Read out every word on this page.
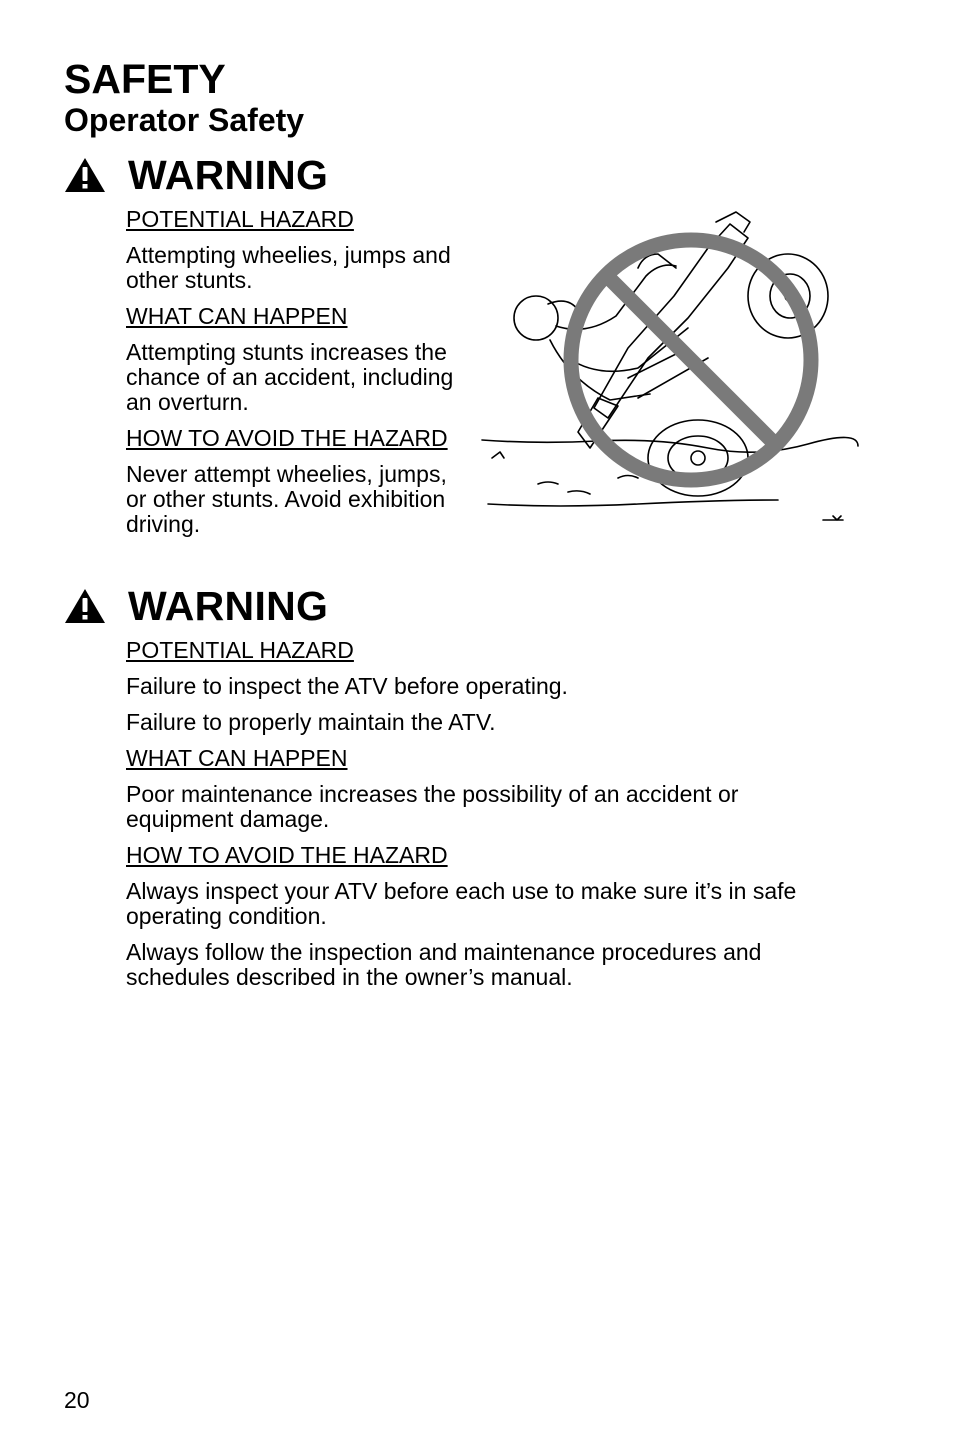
SAFETY
Operator Safety
WARNING

POTENTIAL HAZARD

Attempting wheelies, jumps and other stunts.

WHAT CAN HAPPEN

Attempting stunts increases the chance of an accident, including an overturn.

HOW TO AVOID THE HAZARD

Never attempt wheelies, jumps, or other stunts. Avoid exhibition driving.

WARNING

POTENTIAL HAZARD

Failure to inspect the ATV before operating.

Failure to properly maintain the ATV.

WHAT CAN HAPPEN

Poor maintenance increases the possibility of an accident or equipment damage.

HOW TO AVOID THE HAZARD

Always inspect your ATV before each use to make sure it’s in safe operating condition.

Always follow the inspection and maintenance procedures and schedules described in the owner’s manual.

20
